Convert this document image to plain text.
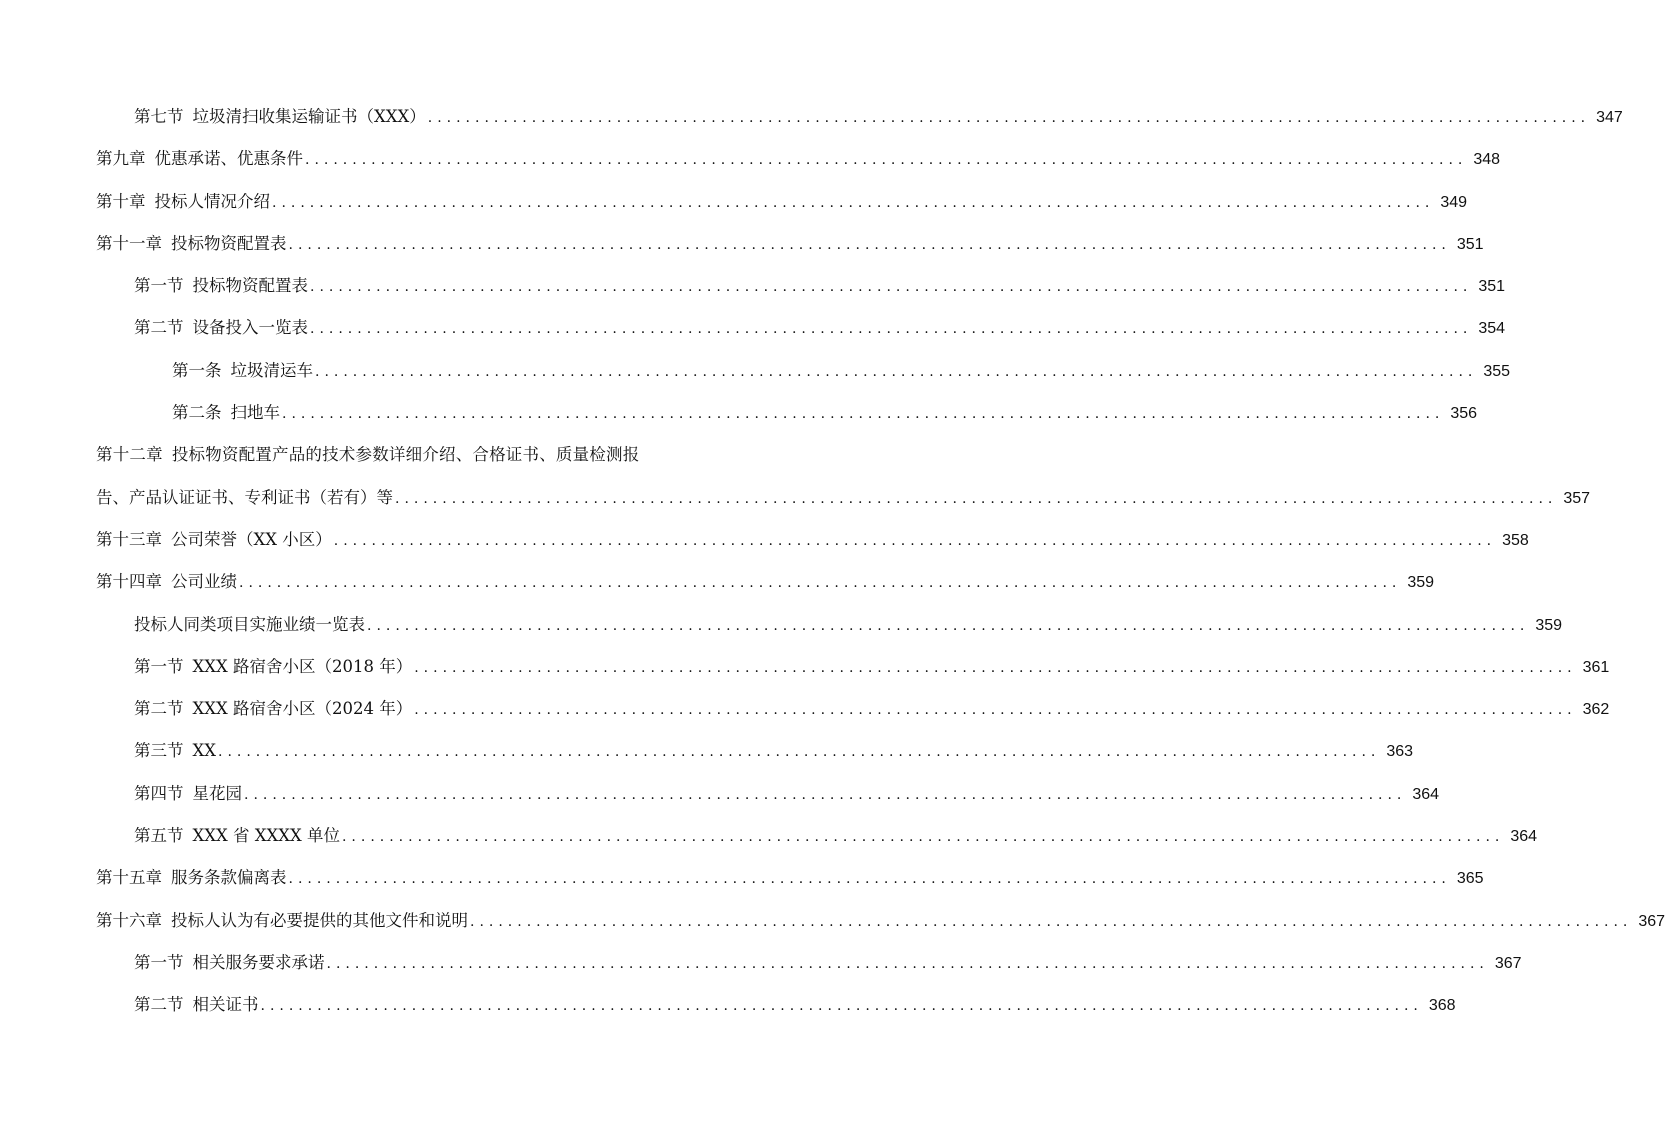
第七节 垃圾清扫收集运输证书（XXX） ........................................................................................................................... 347
第九章 优惠承诺、优惠条件 ........................................................................................................................... 348
第十章 投标人情况介绍 ........................................................................................................................... 349
第十一章 投标物资配置表 ........................................................................................................................... 351
第一节 投标物资配置表 ........................................................................................................................... 351
第二节 设备投入一览表 ........................................................................................................................... 354
第一条 垃圾清运车 ........................................................................................................................... 355
第二条 扫地车 ........................................................................................................................... 356
第十二章 投标物资配置产品的技术参数详细介绍、合格证书、质量检测报
告、产品认证证书、专利证书（若有）等 ........................................................................................................................... 357
第十三章 公司荣誉（XX 小区） ........................................................................................................................... 358
第十四章 公司业绩 ........................................................................................................................... 359
投标人同类项目实施业绩一览表 ........................................................................................................................... 359
第一节 XXX 路宿舍小区（2018 年） ........................................................................................................................... 361
第二节 XXX 路宿舍小区（2024 年） ........................................................................................................................... 362
第三节 XX ........................................................................................................................... 363
第四节 星花园 ........................................................................................................................... 364
第五节 XXX 省 XXXX 单位 ........................................................................................................................... 364
第十五章 服务条款偏离表 ........................................................................................................................... 365
第十六章 投标人认为有必要提供的其他文件和说明 ........................................................................................................................... 367
第一节 相关服务要求承诺 ........................................................................................................................... 367
第二节 相关证书 ........................................................................................................................... 368
